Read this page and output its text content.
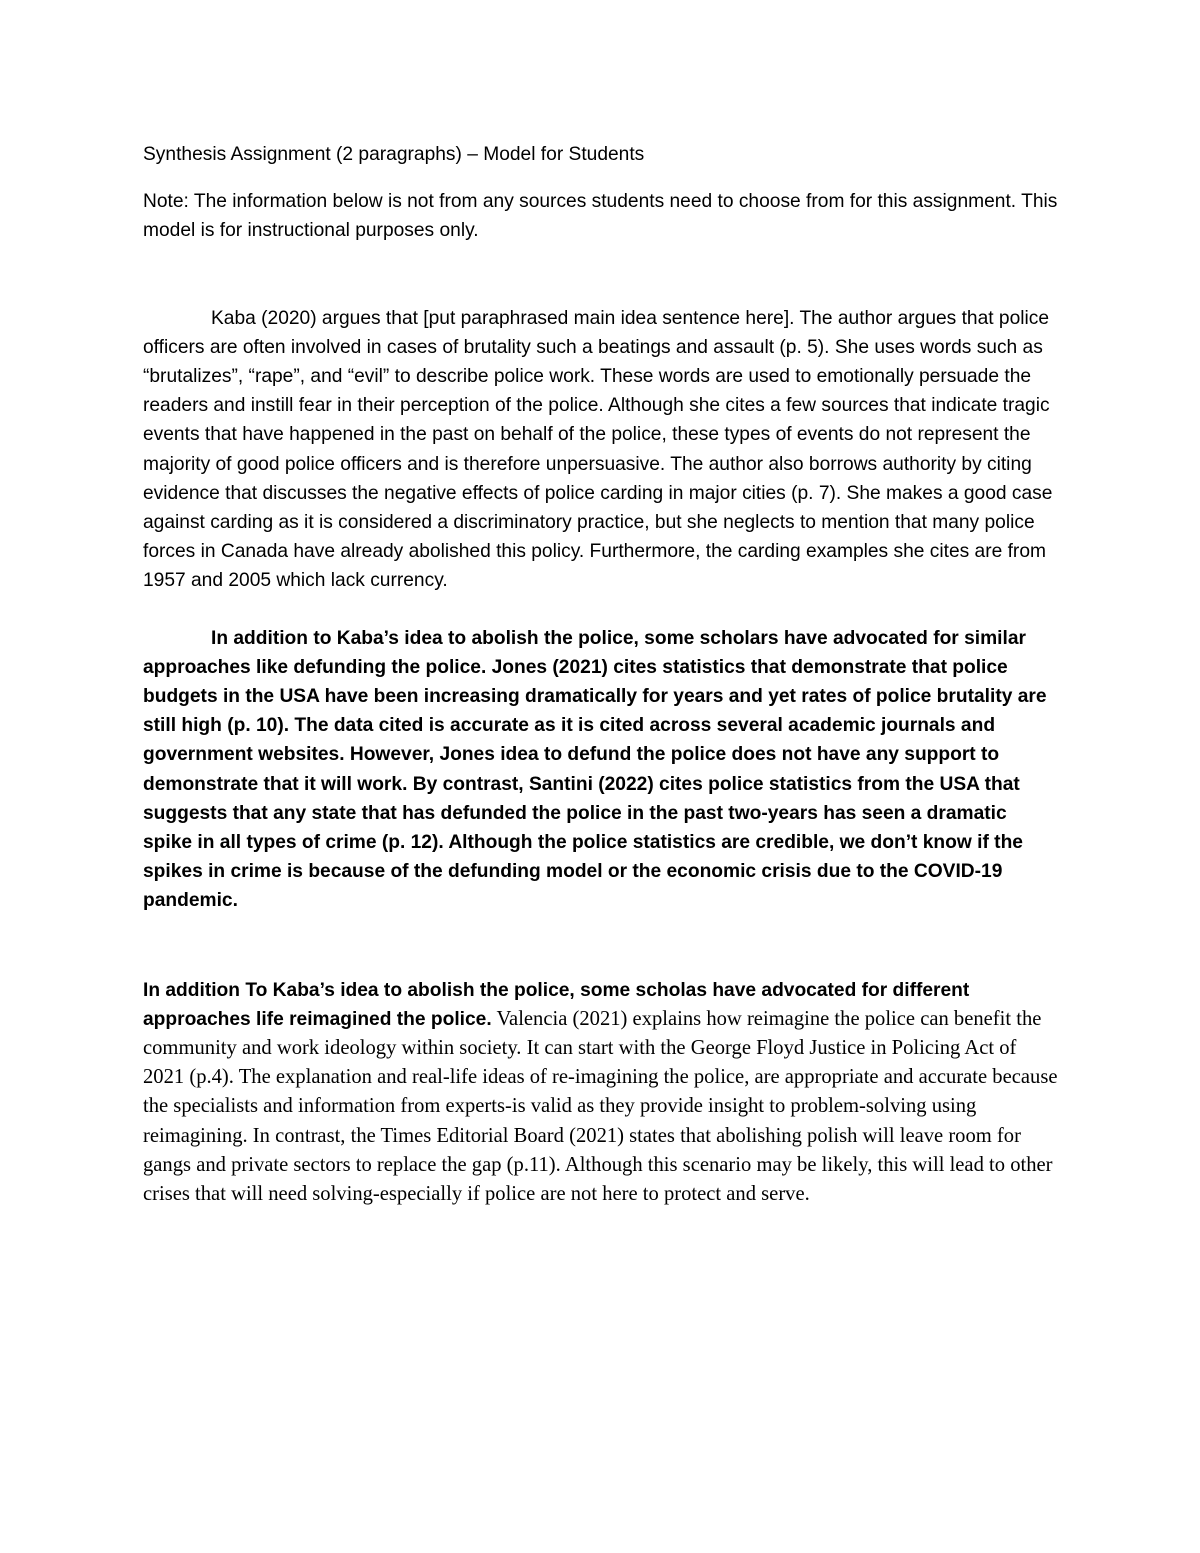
Synthesis Assignment (2 paragraphs) – Model for Students

Note: The information below is not from any sources students need to choose from for this assignment. This model is for instructional purposes only.

Kaba (2020) argues that [put paraphrased main idea sentence here]. The author argues that police officers are often involved in cases of brutality such a beatings and assault (p. 5). She uses words such as “brutalizes”, “rape”, and “evil” to describe police work. These words are used to emotionally persuade the readers and instill fear in their perception of the police. Although she cites a few sources that indicate tragic events that have happened in the past on behalf of the police, these types of events do not represent the majority of good police officers and is therefore unpersuasive. The author also borrows authority by citing evidence that discusses the negative effects of police carding in major cities (p. 7). She makes a good case against carding as it is considered a discriminatory practice, but she neglects to mention that many police forces in Canada have already abolished this policy. Furthermore, the carding examples she cites are from 1957 and 2005 which lack currency.

In addition to Kaba’s idea to abolish the police, some scholars have advocated for similar approaches like defunding the police. Jones (2021) cites statistics that demonstrate that police budgets in the USA have been increasing dramatically for years and yet rates of police brutality are still high (p. 10). The data cited is accurate as it is cited across several academic journals and government websites. However, Jones idea to defund the police does not have any support to demonstrate that it will work. By contrast, Santini (2022) cites police statistics from the USA that suggests that any state that has defunded the police in the past two-years has seen a dramatic spike in all types of crime (p. 12). Although the police statistics are credible, we don’t know if the spikes in crime is because of the defunding model or the economic crisis due to the COVID-19 pandemic.

In addition To Kaba’s idea to abolish the police, some scholas have advocated for different approaches life reimagined the police. Valencia (2021) explains how reimagine the police can benefit the community and work ideology within society. It can start with the George Floyd Justice in Policing Act of 2021 (p.4). The explanation and real-life ideas of re-imagining the police, are appropriate and accurate because the specialists and information from experts-is valid as they provide insight to problem-solving using reimagining. In contrast, the Times Editorial Board (2021) states that abolishing polish will leave room for gangs and private sectors to replace the gap (p.11). Although this scenario may be likely, this will lead to other crises that will need solving-especially if police are not here to protect and serve.
